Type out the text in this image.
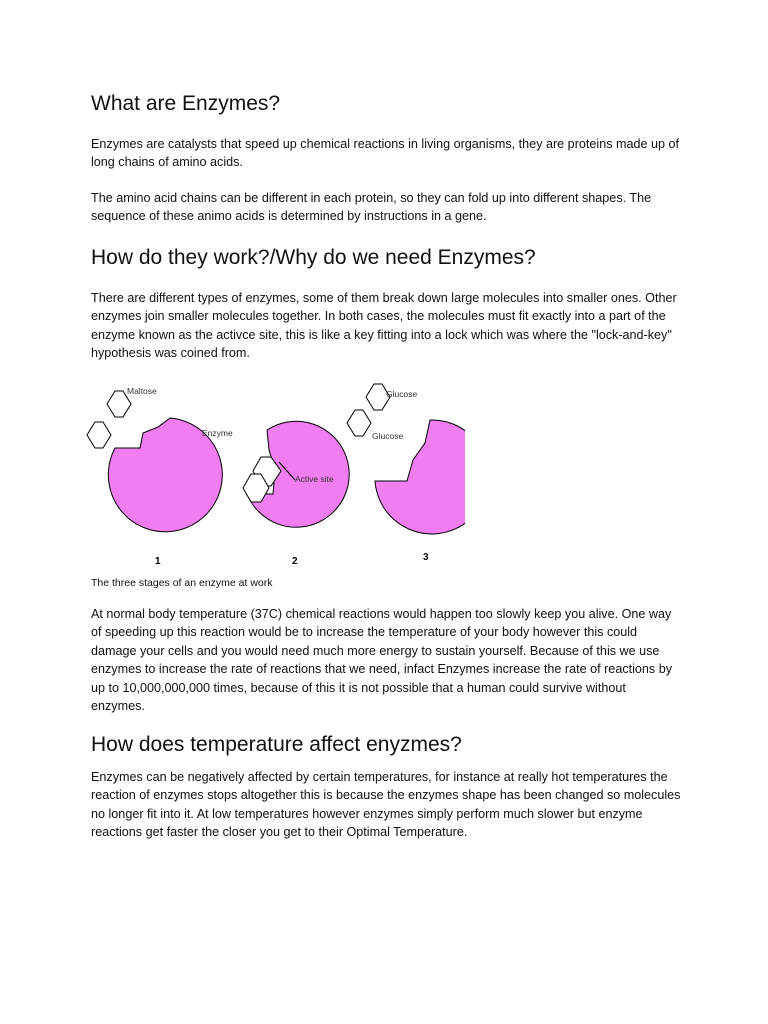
What are Enzymes?

Enzymes are catalysts that speed up chemical reactions in living organisms, they are proteins made up of long chains of amino acids.

The amino acid chains can be different in each protein, so they can fold up into different shapes. The sequence of these animo acids is determined by instructions in a gene.

How do they work?/Why do we need Enzymes?

There are different types of enzymes, some of them break down large molecules into smaller ones. Other enzymes join smaller molecules together. In both cases, the molecules must fit exactly into a part of the enzyme known as the activce site, this is like a key fitting into a lock which was where the "lock-and-key" hypothesis was coined from.

Maltose
Enzyme
1
Active site
2
Glucose
Glucose
3

The three stages of an enzyme at work

At normal body temperature (37C) chemical reactions would happen too slowly keep you alive. One way of speeding up this reaction would be to increase the temperature of your body however this could damage your cells and you would need much more energy to sustain yourself. Because of this we use enzymes to increase the rate of reactions that we need, infact Enzymes increase the rate of reactions by up to 10,000,000,000 times, because of this it is not possible that a human could survive without enzymes.

How does temperature affect enyzmes?

Enzymes can be negatively affected by certain temperatures, for instance at really hot temperatures the reaction of enzymes stops altogether this is because the enzymes shape has been changed so molecules no longer fit into it. At low temperatures however enzymes simply perform much slower but enzyme reactions get faster the closer you get to their Optimal Temperature.
